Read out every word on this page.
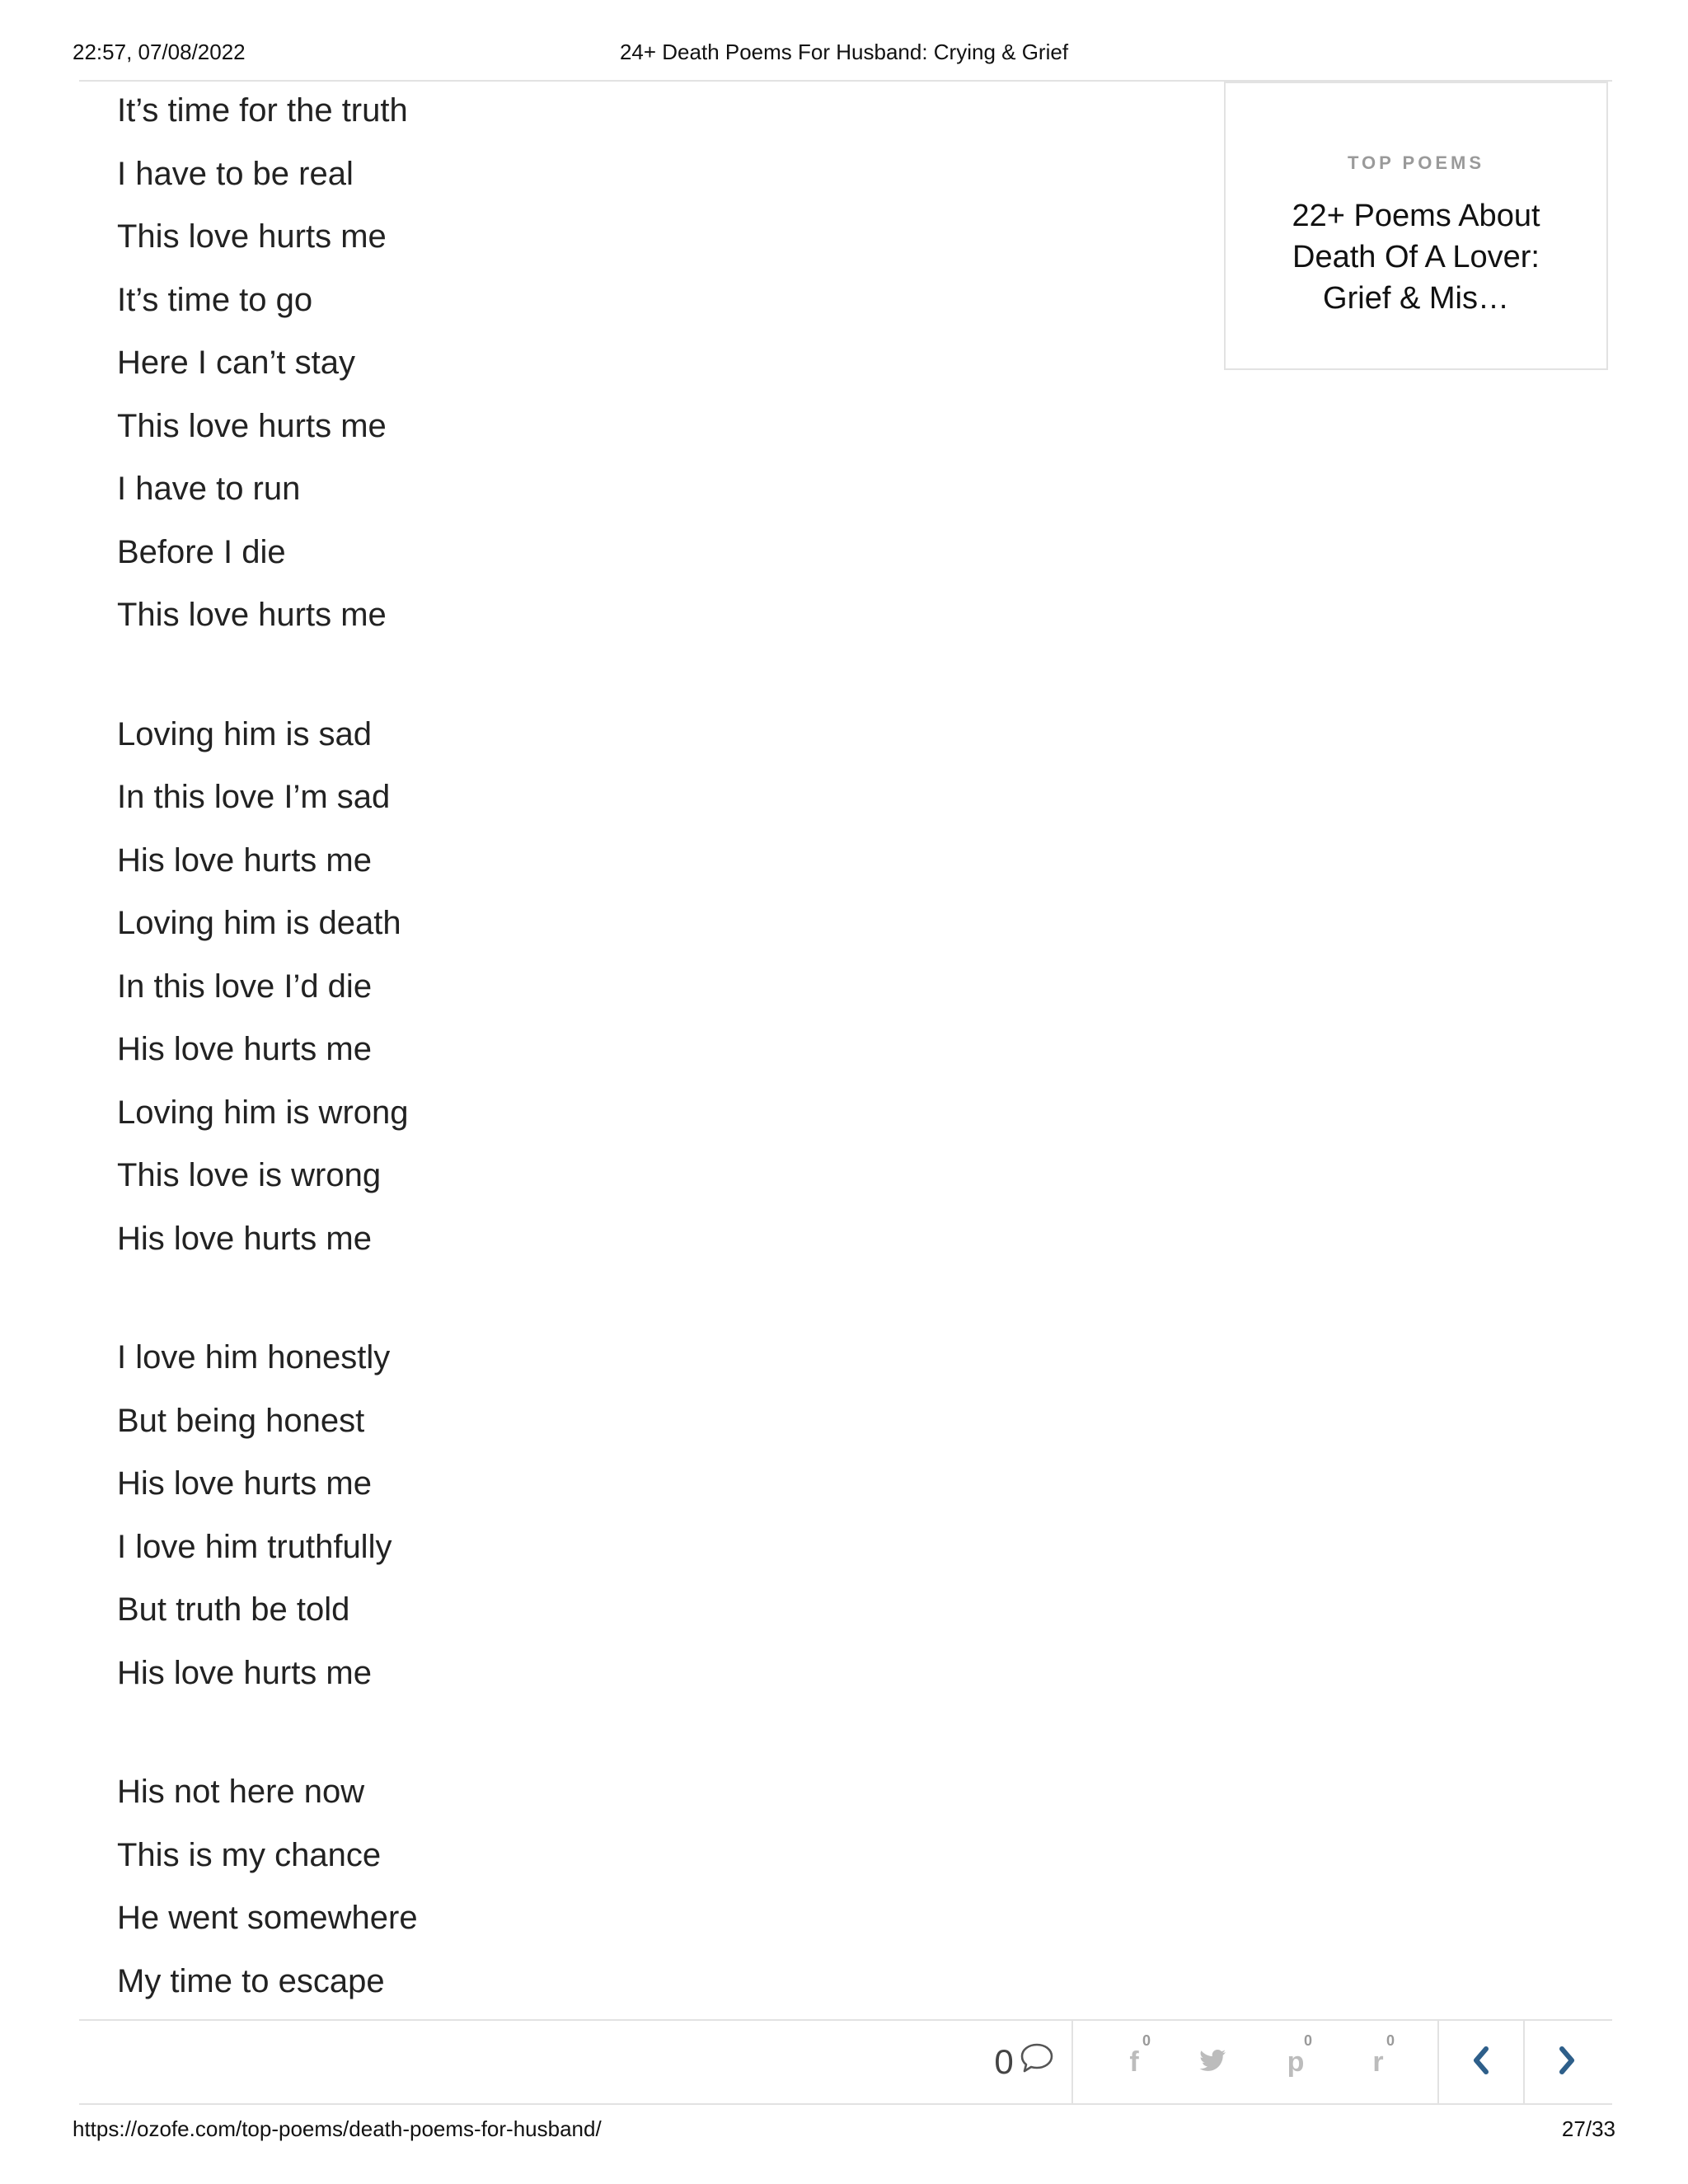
22:57, 07/08/2022	24+ Death Poems For Husband: Crying & Grief
It’s time for the truth
I have to be real
This love hurts me
It’s time to go
Here I can’t stay
This love hurts me
I have to run
Before I die
This love hurts me
Loving him is sad
In this love I’m sad
His love hurts me
Loving him is death
In this love I’d die
His love hurts me
Loving him is wrong
This love is wrong
His love hurts me
I love him honestly
But being honest
His love hurts me
I love him truthfully
But truth be told
His love hurts me
His not here now
This is my chance
He went somewhere
My time to escape
TOP POEMS
22+ Poems About Death Of A Lover: Grief & Mis…
0	f
0
p
0
r
0
https://ozofe.com/top-poems/death-poems-for-husband/	27/33
